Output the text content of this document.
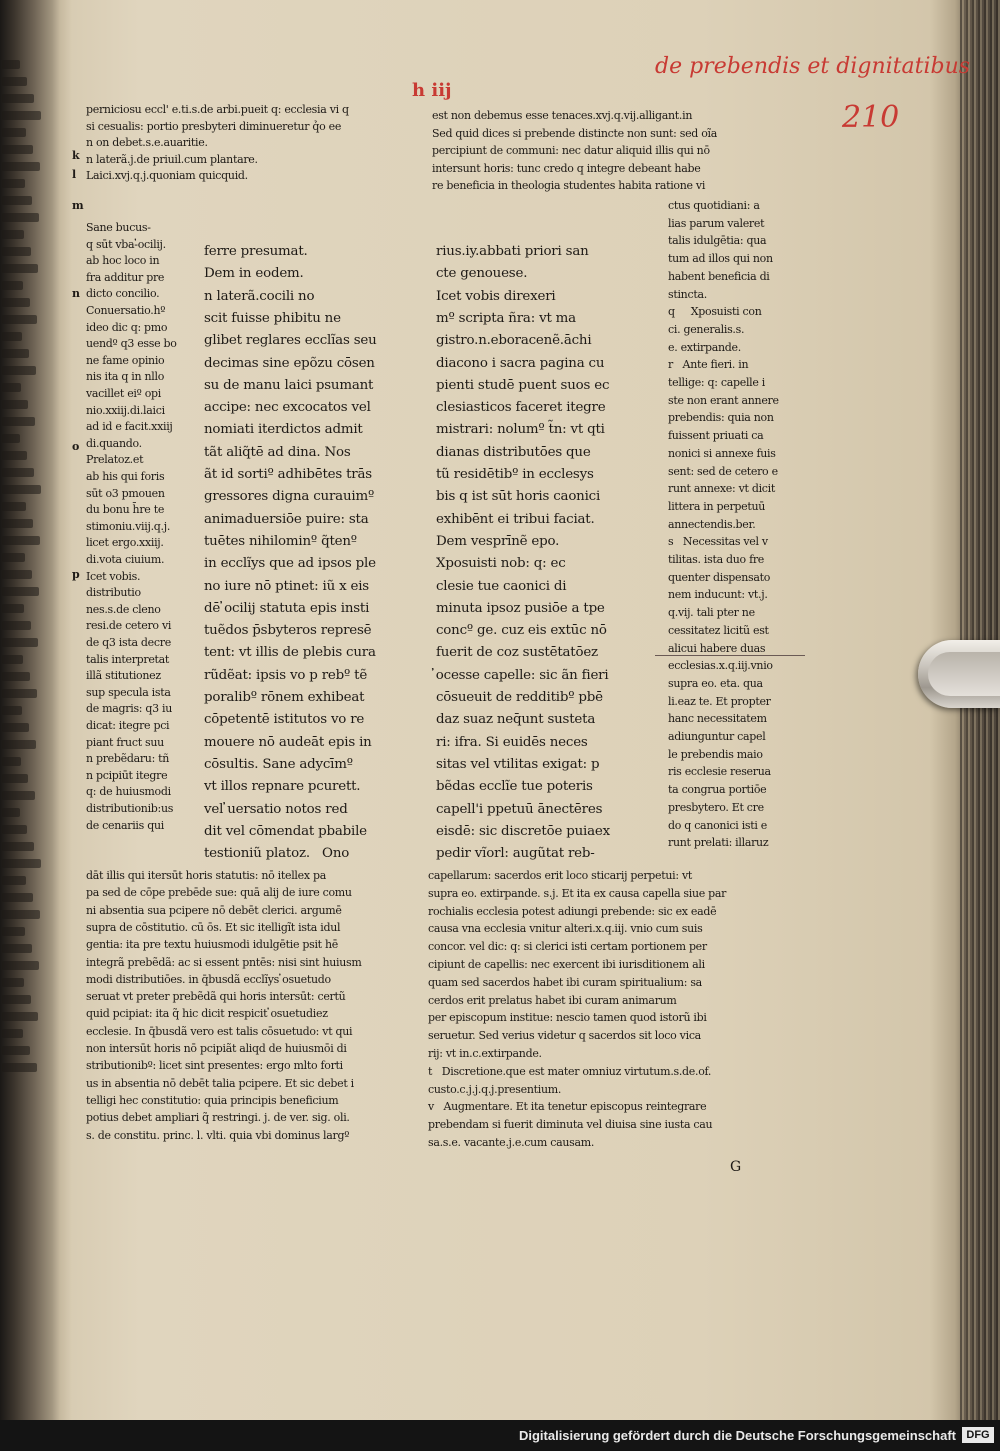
de prebendis et dignitatibus
210
h iij
G
perniciosu eccl' e.ti.s.de arbi.pueit q: ecclesia vi q
si cesualis: portio presbyteri diminueretur q̉o ee
n on debet.s.e.auaritie.
n laterã.j.de priuil.cum plantare.
Laici.xvj.q.j.quoniam quicquid.
Sane bucus-
q sūt vba-̓ocilij.
ab hoc loco in
fra additur pre
dicto concilio.
Conuersatio.hº
ideo dic q: pmo
uendº q3 esse bo
ne fame opinio
nis ita q in nllo
vacillet eiº opi
nio.xxiij.di.laici
ad id e facit.xxiij
di.quando.
Prelatoz.et
ab his qui foris
sūt o3 pmouen
du bonu h̄re te
stimoniu.viij.q.j.
licet ergo.xxiij.
di.vota ciuium.
Icet vobis.
distributio
nes.s.de cleno
resi.de cetero vi
de q3 ista decre
talis interpretat
illã stitutionez
sup specula ista
de magris: q3 iu
dicat: itegre pci
piant fruct suu
n prebẽdaru: tñ
n pcipiūt itegre
q: de huiusmodi
distributionib:us
de cenariis qui
ferre presumat.
Dem in eodem.
n laterã.cocili no
scit fuisse phibitu ne
glibet reglares ecclı̃as seu
decimas sine epõzu cōsen
su de manu laici psumant
accipe: nec excocatos vel
nomiati iterdictos admit
tãt aliq̃tē ad dina. Nos
ãt id sortiº adhibētes trās
gressores digna curauimº
animaduersiōe puire: sta
tuētes nihilominº q̃tenº
in ecclı̃ys que ad ipsos ple
no iure nō ptinet: iũ x eis
dē ̓ocilij statuta epis insti
tuẽdos p̄sbyteros represē
tent: vt illis de plebis cura
rũdẽat: ipsis vo p rebº tẽ
poralibº rōnem exhibeat
cōpetentē istitutos vo re
mouere nō audeāt epis in
cōsultis. Sane adycīmº
vt illos repnare pcurett.
vel ̓uersatio notos red
dit vel cōmendat pbabile
testioniũ platoz.   Ono
dāt illis qui itersūt horis statutis: nō itellex pa
pa sed de cōpe prebēde sue: quā alij de iure comu
ni absentia sua pcipere nō debēt clerici. argumē
supra de cōstitutio. cū ōs. Et sic itelligı̃t ista idul
gentia: ita pre textu huiusmodi idulgētie psit hē
integrã prebẽdã: ac si essent pntēs: nisi sint huiusm
modi distributiōes. in q̄busdã ecclı̃ys ̓osuetudo
seruat vt preter prebẽdã qui horis intersūt: certũ
quid pcipiat: ita q̃ hic dicit respicit ̓osuetudiez
ecclesie. In q̄busdã vero est talis cōsuetudo: vt qui
non intersūt horis nō pcipiãt aliqd de huiusmōi di
stributionibº: licet sint presentes: ergo mlto forti
us in absentia nō debēt talia pcipere. Et sic debet i
telligi hec constitutio: quia principis beneficium
potius debet ampliari q̃ restringi. j. de ver. sig. oli.
s. de constitu. princ. l. vlti. quia vbi dominus largº
est non debemus esse tenaces.xvj.q.vij.alligant.in
Sed quid dices si prebende distincte non sunt: sed oı̃a
percipiunt de communi: nec datur aliquid illis qui nō
intersunt horis: tunc credo q integre debeant habe
re beneficia in theologia studentes habita ratione vi
rius.iy.abbati priori san
cte genouese.
Icet vobis direxeri
mº scripta ñra: vt ma
gistro.n.eboracenẽ.āchi
diacono i sacra pagina cu
pienti studē puent suos ec
clesiasticos faceret itegre
mistrari: nolumº t̃n: vt qti
dianas distributōes que
tũ residētibº in ecclesys
bis q ist sūt horis caonici
exhibēnt ei tribui faciat.
Dem vesprīnẽ epo.
Xposuisti nob: q: ec
clesie tue caonici di
minuta ipsoz pusiōe a tpe
concº ge. cuz eis extūc nō
fuerit de coz sustētatōez
̓ocesse capelle: sic ãn fieri
cōsueuit de redditibº pbē
daz suaz neq̄unt susteta
ri: ifra. Si euidēs neces
sitas vel vtilitas exigat: p
bẽdas ecclı̃e tue poteris
capell'i ppetuū ānectēres
eisdē: sic discretōe puiaex
pedir vĩorl: augũtat reb-
ctus quotidiani: a
lias parum valeret
talis idulgētia: qua
tum ad illos qui non
habent beneficia di
stincta.
q     Xposuisti con
ci. generalis.s.
e. extirpande.
r   Ante fieri. in
tellige: q: capelle i
ste non erant annere
prebendis: quia non
fuissent priuati ca
nonici si annexe fuis
sent: sed de cetero e
runt annexe: vt dicit
littera in perpetuū
annectendis.ber.
s   Necessitas vel v
tilitas. ista duo fre
quenter dispensato
nem inducunt: vt.j.
q.vij. tali pter ne
cessitatez licitũ est
alicui habere duas
ecclesias.x.q.iij.vnio
supra eo. eta. qua
li.eaz te. Et propter
hanc necessitatem
adiunguntur capel
le prebendis maio
ris ecclesie reserua
ta congrua portiōe
presbytero. Et cre
do q canonici isti e
runt prelati: illaruz
capellarum: sacerdos erit loco sticarij perpetui: vt
supra eo. extirpande. s.j. Et ita ex causa capella siue par
rochialis ecclesia potest adiungi prebende: sic ex eadē
causa vna ecclesia vnitur alteri.x.q.iij. vnio cum suis
concor. vel dic: q: si clerici isti certam portionem per
cipiunt de capellis: nec exercent ibi iurisditionem ali
quam sed sacerdos habet ibi curam spiritualium: sa
cerdos erit prelatus habet ibi curam animarum
per episcopum institue: nescio tamen quod istorũ ibi
seruetur. Sed verius videtur q sacerdos sit loco vica
rij: vt in.c.extirpande.
t   Discretione.que est mater omniuz virtutum.s.de.of.
custo.c.j.j.q.j.presentium.
v   Augmentare. Et ita tenetur episcopus reintegrare
prebendam si fuerit diminuta vel diuisa sine iusta cau
sa.s.e. vacante.j.e.cum causam.
k
l
m
n
o
p
Digitalisierung gefördert durch die Deutsche Forschungsgemeinschaft DFG
